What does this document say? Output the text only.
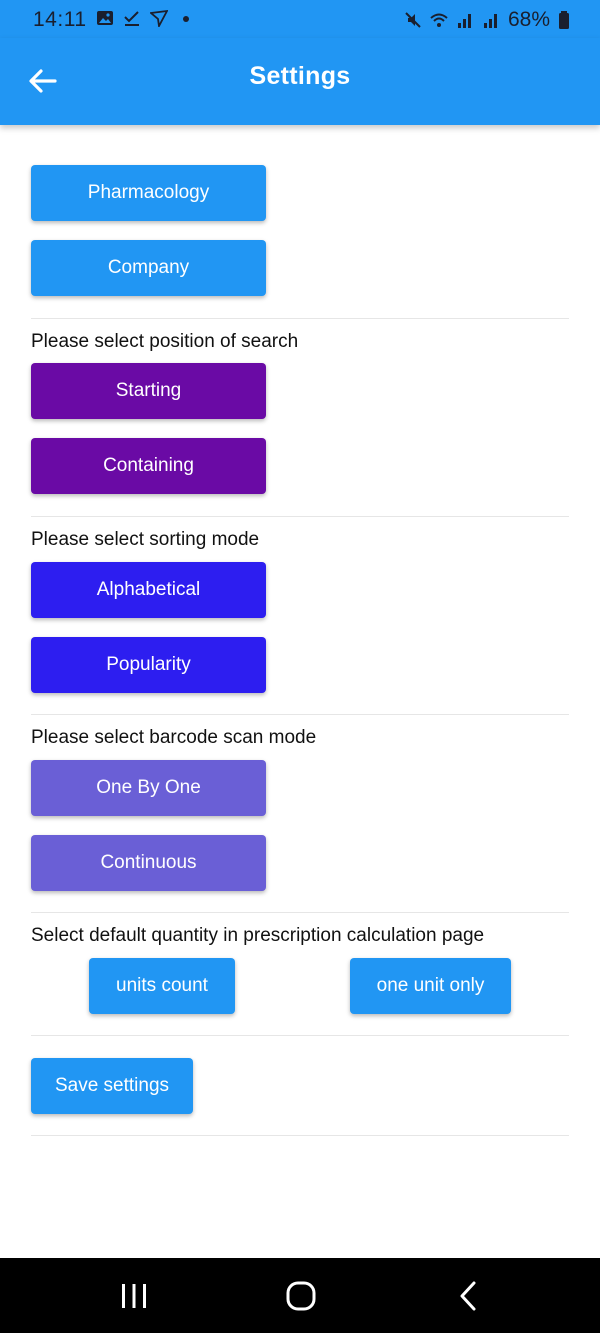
14:11	68%
Settings
Pharmacology
Company
Please select position of search
Starting
Containing
Please select sorting mode
Alphabetical
Popularity
Please select barcode scan mode
One By One
Continuous
Select default quantity in prescription calculation page
units count	one unit only
Save settings
